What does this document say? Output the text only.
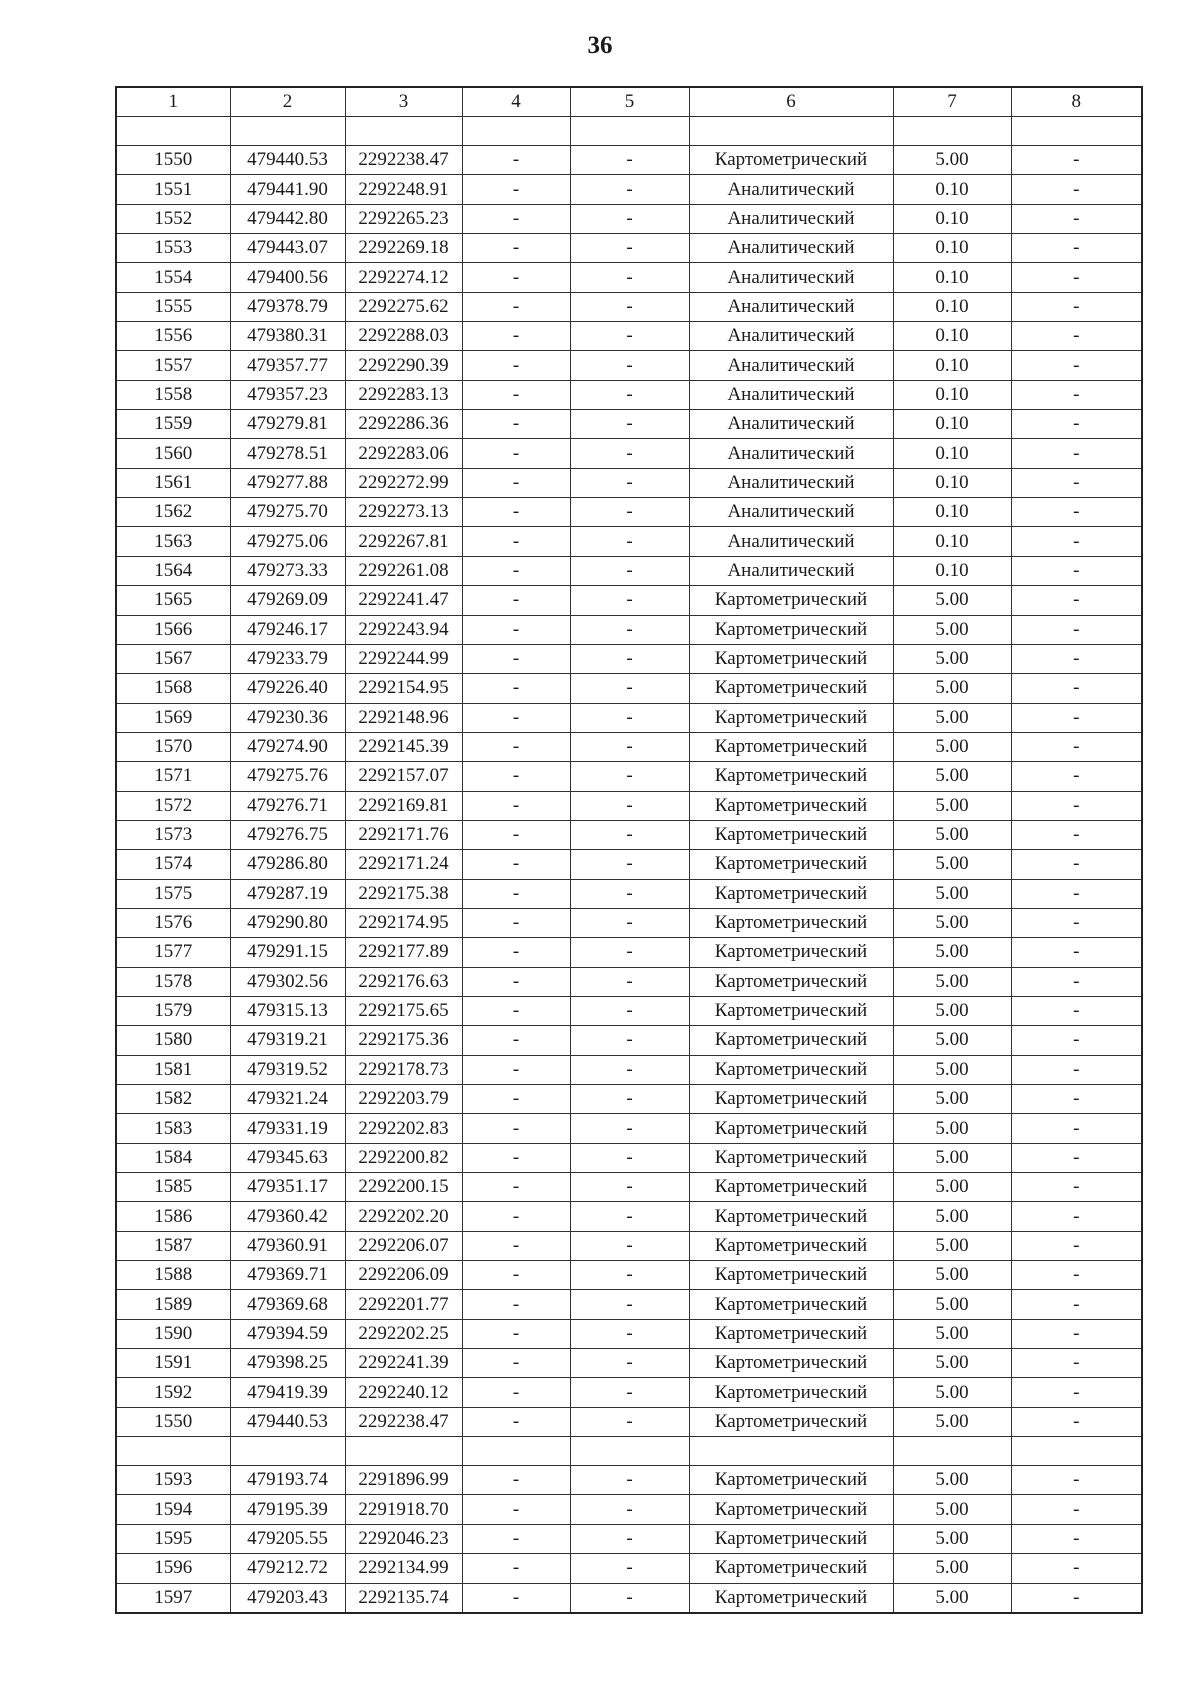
36
1	2	3	4	5	6	7	8

1550	479440.53	2292238.47	-	-	Картометрический	5.00	-
1551	479441.90	2292248.91	-	-	Аналитический	0.10	-
1552	479442.80	2292265.23	-	-	Аналитический	0.10	-
1553	479443.07	2292269.18	-	-	Аналитический	0.10	-
1554	479400.56	2292274.12	-	-	Аналитический	0.10	-
1555	479378.79	2292275.62	-	-	Аналитический	0.10	-
1556	479380.31	2292288.03	-	-	Аналитический	0.10	-
1557	479357.77	2292290.39	-	-	Аналитический	0.10	-
1558	479357.23	2292283.13	-	-	Аналитический	0.10	-
1559	479279.81	2292286.36	-	-	Аналитический	0.10	-
1560	479278.51	2292283.06	-	-	Аналитический	0.10	-
1561	479277.88	2292272.99	-	-	Аналитический	0.10	-
1562	479275.70	2292273.13	-	-	Аналитический	0.10	-
1563	479275.06	2292267.81	-	-	Аналитический	0.10	-
1564	479273.33	2292261.08	-	-	Аналитический	0.10	-
1565	479269.09	2292241.47	-	-	Картометрический	5.00	-
1566	479246.17	2292243.94	-	-	Картометрический	5.00	-
1567	479233.79	2292244.99	-	-	Картометрический	5.00	-
1568	479226.40	2292154.95	-	-	Картометрический	5.00	-
1569	479230.36	2292148.96	-	-	Картометрический	5.00	-
1570	479274.90	2292145.39	-	-	Картометрический	5.00	-
1571	479275.76	2292157.07	-	-	Картометрический	5.00	-
1572	479276.71	2292169.81	-	-	Картометрический	5.00	-
1573	479276.75	2292171.76	-	-	Картометрический	5.00	-
1574	479286.80	2292171.24	-	-	Картометрический	5.00	-
1575	479287.19	2292175.38	-	-	Картометрический	5.00	-
1576	479290.80	2292174.95	-	-	Картометрический	5.00	-
1577	479291.15	2292177.89	-	-	Картометрический	5.00	-
1578	479302.56	2292176.63	-	-	Картометрический	5.00	-
1579	479315.13	2292175.65	-	-	Картометрический	5.00	-
1580	479319.21	2292175.36	-	-	Картометрический	5.00	-
1581	479319.52	2292178.73	-	-	Картометрический	5.00	-
1582	479321.24	2292203.79	-	-	Картометрический	5.00	-
1583	479331.19	2292202.83	-	-	Картометрический	5.00	-
1584	479345.63	2292200.82	-	-	Картометрический	5.00	-
1585	479351.17	2292200.15	-	-	Картометрический	5.00	-
1586	479360.42	2292202.20	-	-	Картометрический	5.00	-
1587	479360.91	2292206.07	-	-	Картометрический	5.00	-
1588	479369.71	2292206.09	-	-	Картометрический	5.00	-
1589	479369.68	2292201.77	-	-	Картометрический	5.00	-
1590	479394.59	2292202.25	-	-	Картометрический	5.00	-
1591	479398.25	2292241.39	-	-	Картометрический	5.00	-
1592	479419.39	2292240.12	-	-	Картометрический	5.00	-
1550	479440.53	2292238.47	-	-	Картометрический	5.00	-

1593	479193.74	2291896.99	-	-	Картометрический	5.00	-
1594	479195.39	2291918.70	-	-	Картометрический	5.00	-
1595	479205.55	2292046.23	-	-	Картометрический	5.00	-
1596	479212.72	2292134.99	-	-	Картометрический	5.00	-
1597	479203.43	2292135.74	-	-	Картометрический	5.00	-
